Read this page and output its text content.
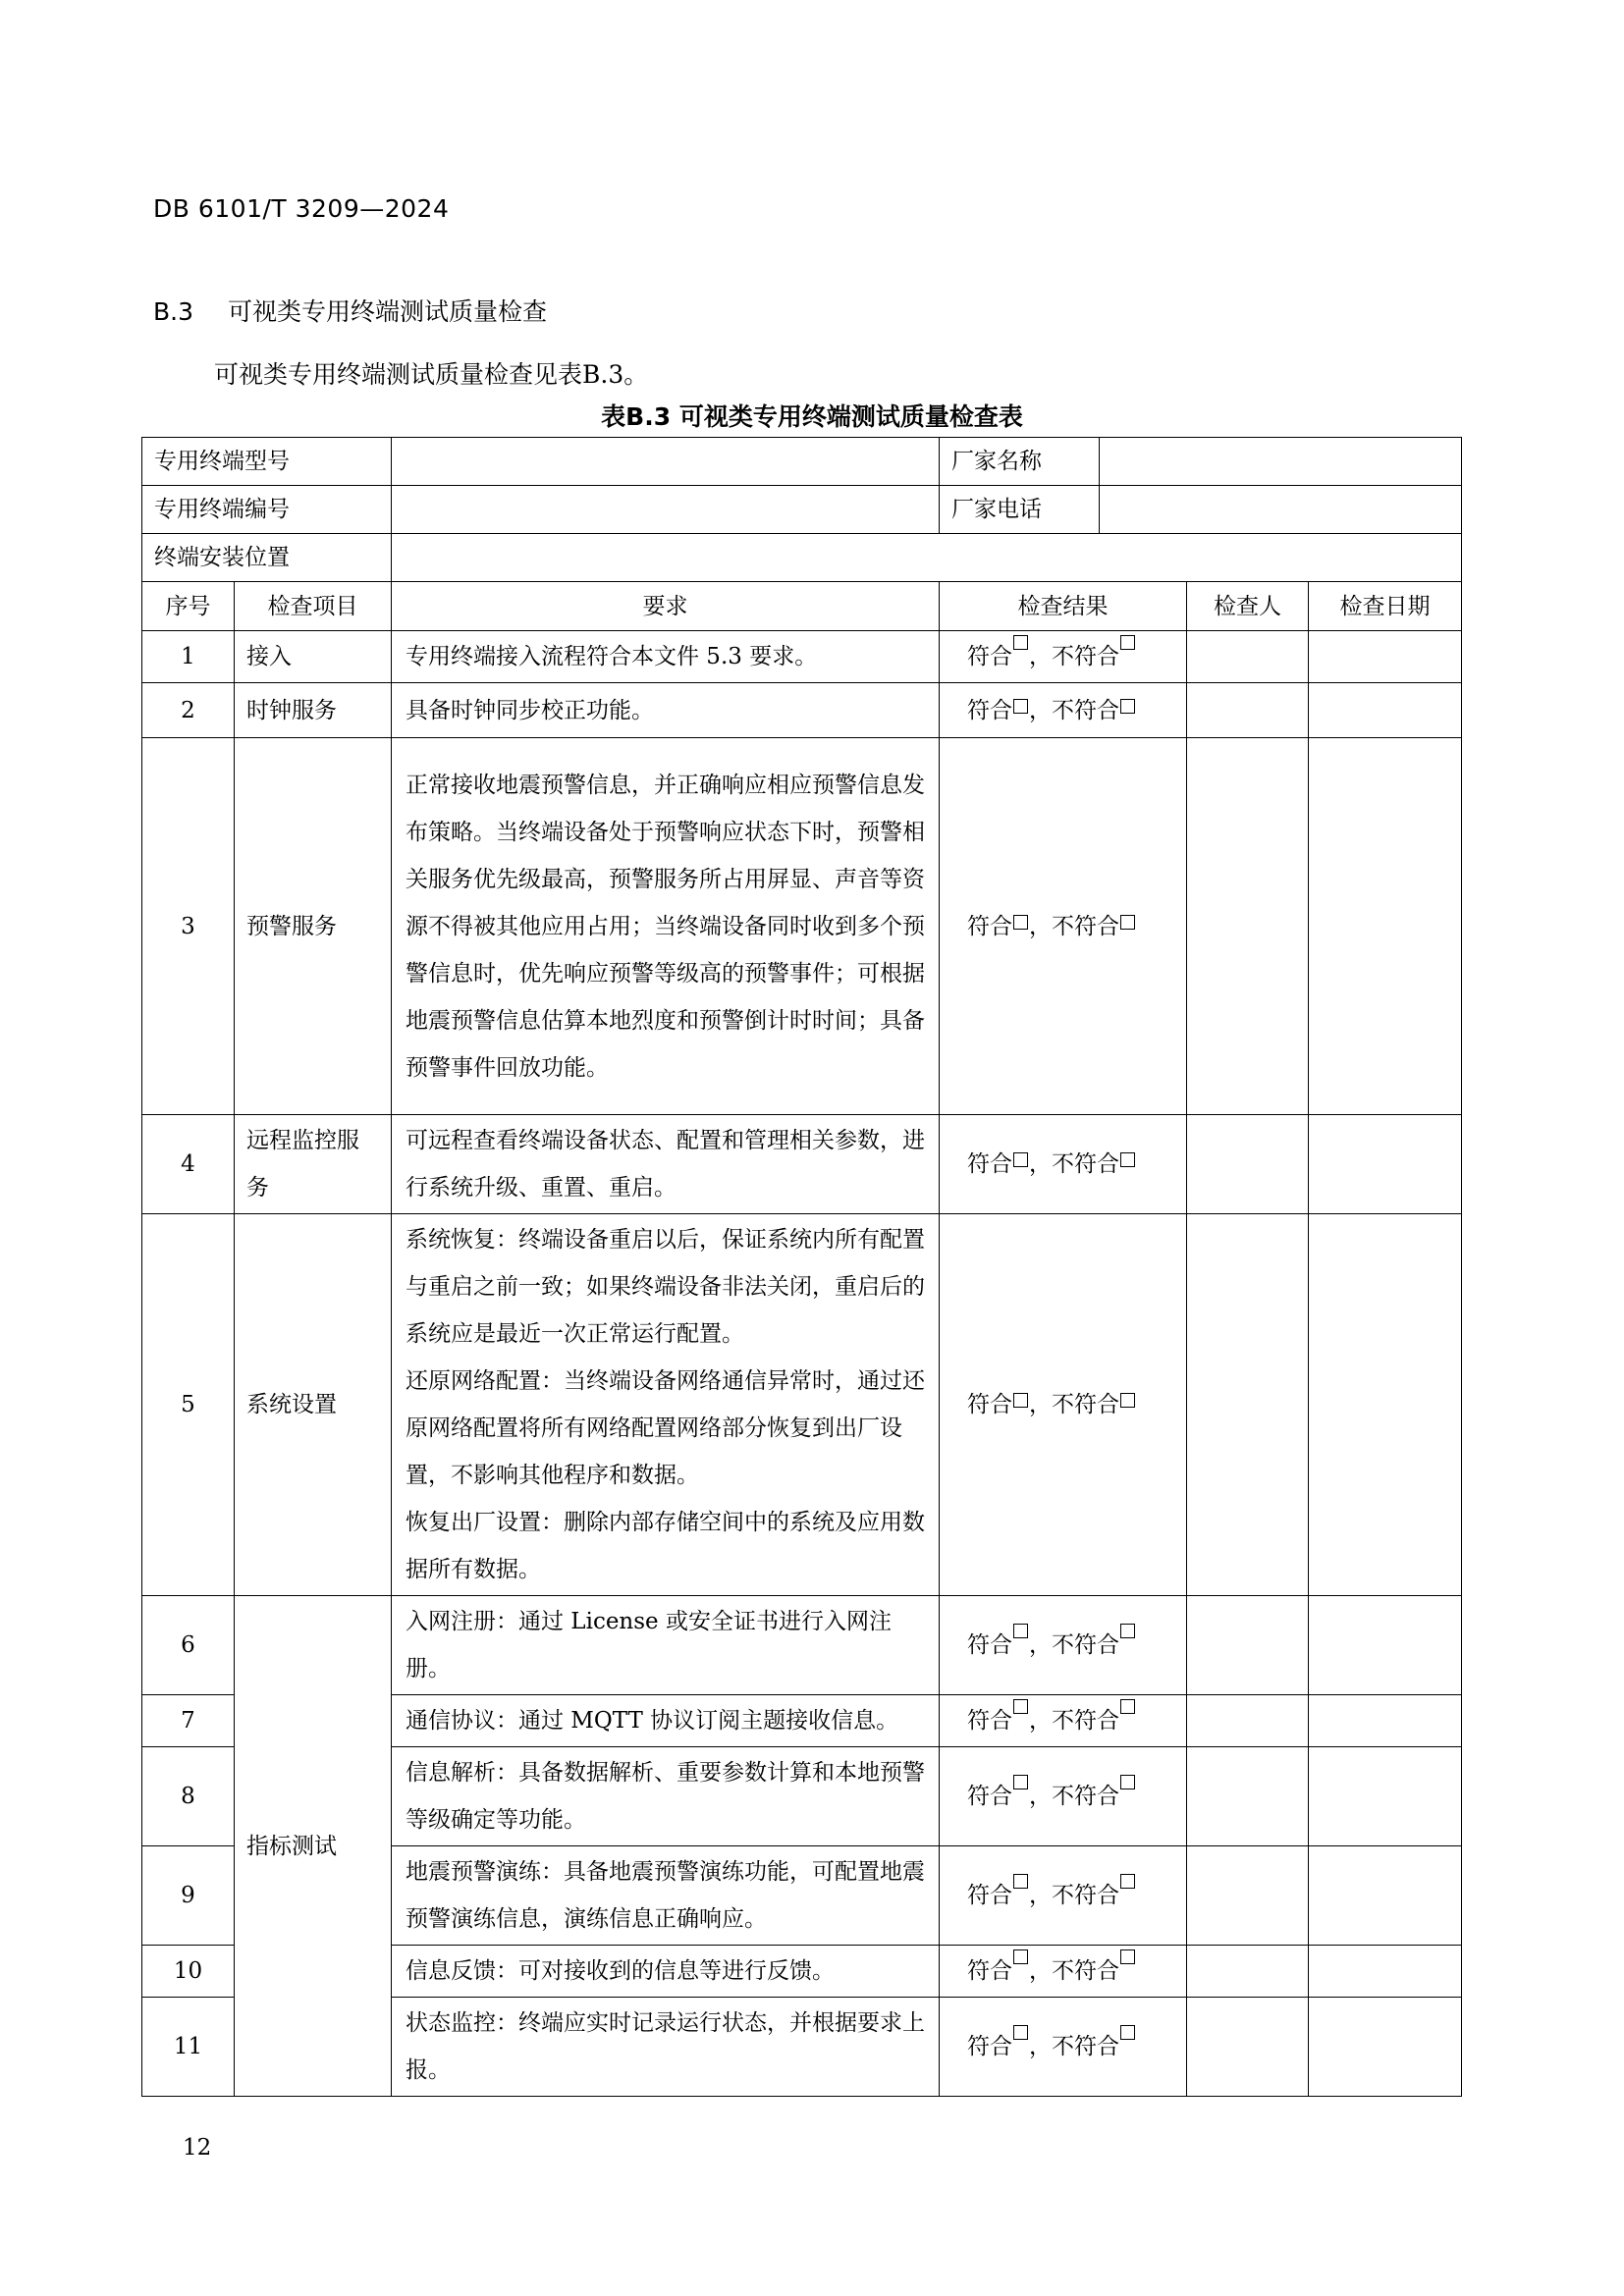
DB 6101/T 3209—2024
B.3 可视类专用终端测试质量检查
可视类专用终端测试质量检查见表B.3。
表B.3 可视类专用终端测试质量检查表
专用终端型号			厂家名称		

专用终端编号			厂家电话		

终端安装位置					
序号	检查项目	要求	检查结果	检查人	检查日期
1	接入	专用终端接入流程符合本文件 5.3 要求。	符合 ，不符合		
2	时钟服务	具备时钟同步校正功能。	符合 ，不符合		
3	预警服务	正常接收地震预警信息，并正确响应相应预警信息发布策略。当终端设备处于预警响应状态下时，预警相关服务优先级最高，预警服务所占用屏显、声音等资源不得被其他应用占用；当终端设备同时收到多个预警信息时，优先响应预警等级高的预警事件；可根据地震预警信息估算本地烈度和预警倒计时时间；具备预警事件回放功能。	符合 ，不符合		
4	远程监控服务	可远程查看终端设备状态、配置和管理相关参数，进行系统升级、重置、重启。	符合 ，不符合		
5	系统设置	系统恢复：终端设备重启以后，保证系统内所有配置与重启之前一致；如果终端设备非法关闭，重启后的系统应是最近一次正常运行配置。
还原网络配置：当终端设备网络通信异常时，通过还原网络配置将所有网络配置网络部分恢复到出厂设置，不影响其他程序和数据。
恢复出厂设置：删除内部存储空间中的系统及应用数据所有数据。	符合 ，不符合		
6	指标测试	入网注册：通过 License 或安全证书进行入网注册。	符合 ，不符合		
7		通信协议：通过 MQTT 协议订阅主题接收信息。	符合 ，不符合		
8		信息解析：具备数据解析、重要参数计算和本地预警等级确定等功能。	符合 ，不符合		
9		地震预警演练：具备地震预警演练功能，可配置地震预警演练信息，演练信息正确响应。	符合 ，不符合		
10		信息反馈：可对接收到的信息等进行反馈。	符合 ，不符合		
11		状态监控：终端应实时记录运行状态，并根据要求上报。	符合 ，不符合		
12
